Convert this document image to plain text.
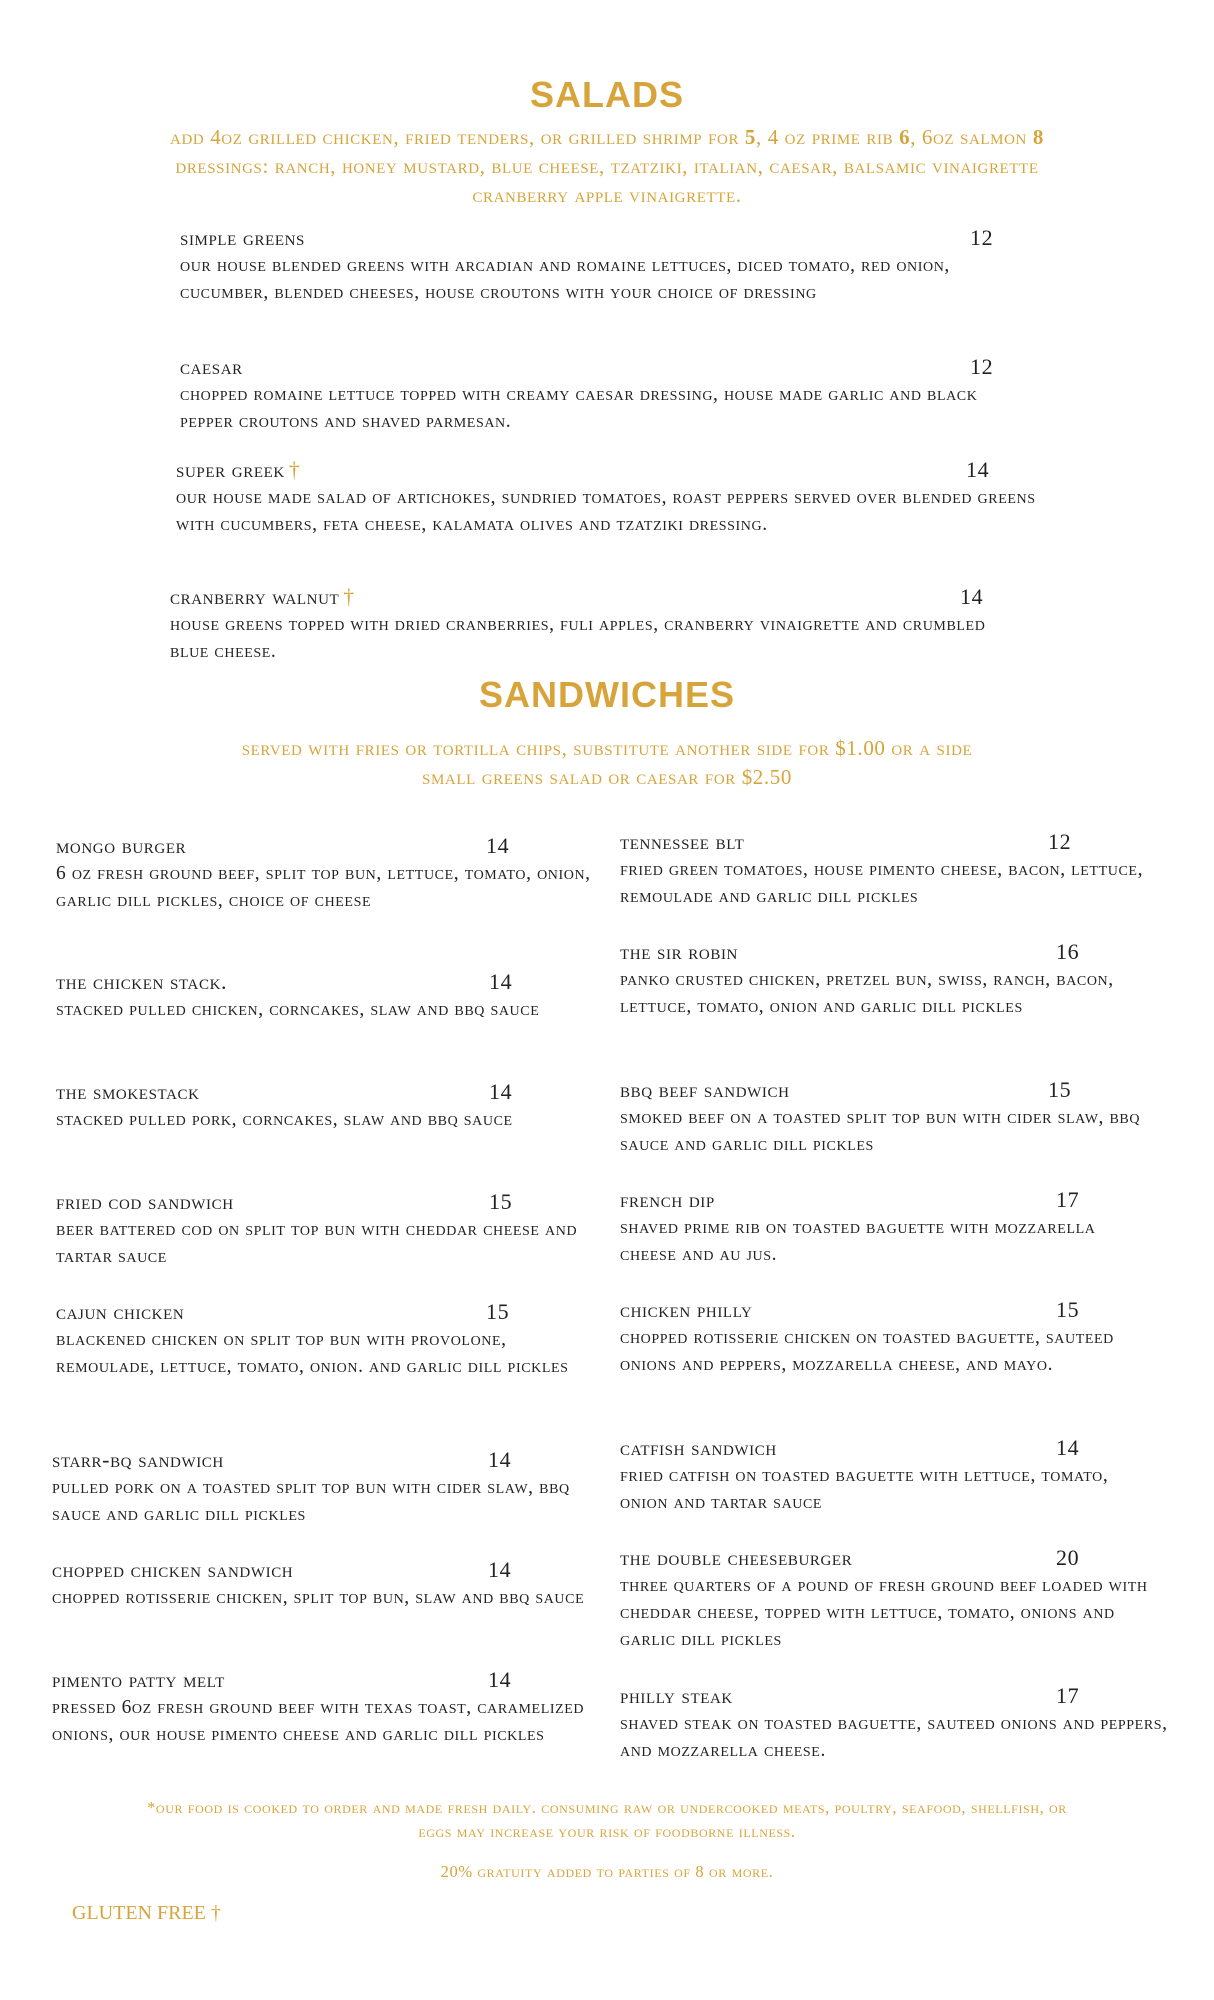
SALADS
add 4oz grilled chicken, fried tenders, or grilled shrimp for 5, 4 oz prime rib 6, 6oz salmon 8
dressings: ranch, honey mustard, blue cheese, tzatziki, italian, caesar, balsamic vinaigrette
cranberry apple vinaigrette.
simple greens	12
our house blended greens with arcadian and romaine lettuces, diced tomato, red onion, cucumber, blended cheeses, house croutons with your choice of dressing
caesar	12
chopped romaine lettuce topped with creamy caesar dressing, house made garlic and black pepper croutons and shaved parmesan.
super greek †	14
our house made salad of artichokes, sundried tomatoes, roast peppers served over blended greens with cucumbers, feta cheese, kalamata olives and tzatziki dressing.
cranberry walnut †	14
house greens topped with dried cranberries, fuli apples, cranberry vinaigrette and crumbled blue cheese.
SANDWICHES
served with fries or tortilla chips, substitute another side for $1.00 or a side
small greens salad or caesar for $2.50
mongo burger	14
6 oz fresh ground beef, split top bun, lettuce, tomato, onion, garlic dill pickles, choice of cheese
the chicken stack.	14
stacked pulled chicken, corncakes, slaw and bbq sauce
the smokestack	14
stacked pulled pork, corncakes, slaw and bbq sauce
fried cod sandwich	15
beer battered cod on split top bun with cheddar cheese and tartar sauce
cajun chicken	15
blackened chicken on split top bun with provolone, remoulade, lettuce, tomato, onion. and garlic dill pickles
starr-bq sandwich	14
pulled pork on a toasted split top bun with cider slaw, bbq sauce and garlic dill pickles
chopped chicken sandwich	14
chopped rotisserie chicken, split top bun, slaw and bbq sauce
pimento patty melt	14
pressed 6oz fresh ground beef with texas toast, caramelized onions, our house pimento cheese and garlic dill pickles
tennessee blt	12
fried green tomatoes, house pimento cheese, bacon, lettuce, remoulade and garlic dill pickles
the sir robin	16
panko crusted chicken, pretzel bun, swiss, ranch, bacon, lettuce, tomato, onion and garlic dill pickles
bbq beef sandwich	15
smoked beef on a toasted split top bun with cider slaw, bbq sauce and garlic dill pickles
french dip	17
shaved prime rib on toasted baguette with mozzarella cheese and au jus.
chicken philly	15
chopped rotisserie chicken on toasted baguette, sauteed onions and peppers, mozzarella cheese, and mayo.
catfish sandwich	14
fried catfish on toasted baguette with lettuce, tomato, onion and tartar sauce
the double cheeseburger	20
three quarters of a pound of fresh ground beef loaded with cheddar cheese, topped with lettuce, tomato, onions and garlic dill pickles
philly steak	17
shaved steak on toasted baguette, sauteed onions and peppers, and mozzarella cheese.
*our food is cooked to order and made fresh daily. consuming raw or undercooked meats, poultry, seafood, shellfish, or
eggs may increase your risk of foodborne illness.
20% gratuity added to parties of 8 or more.
GLUTEN FREE †
